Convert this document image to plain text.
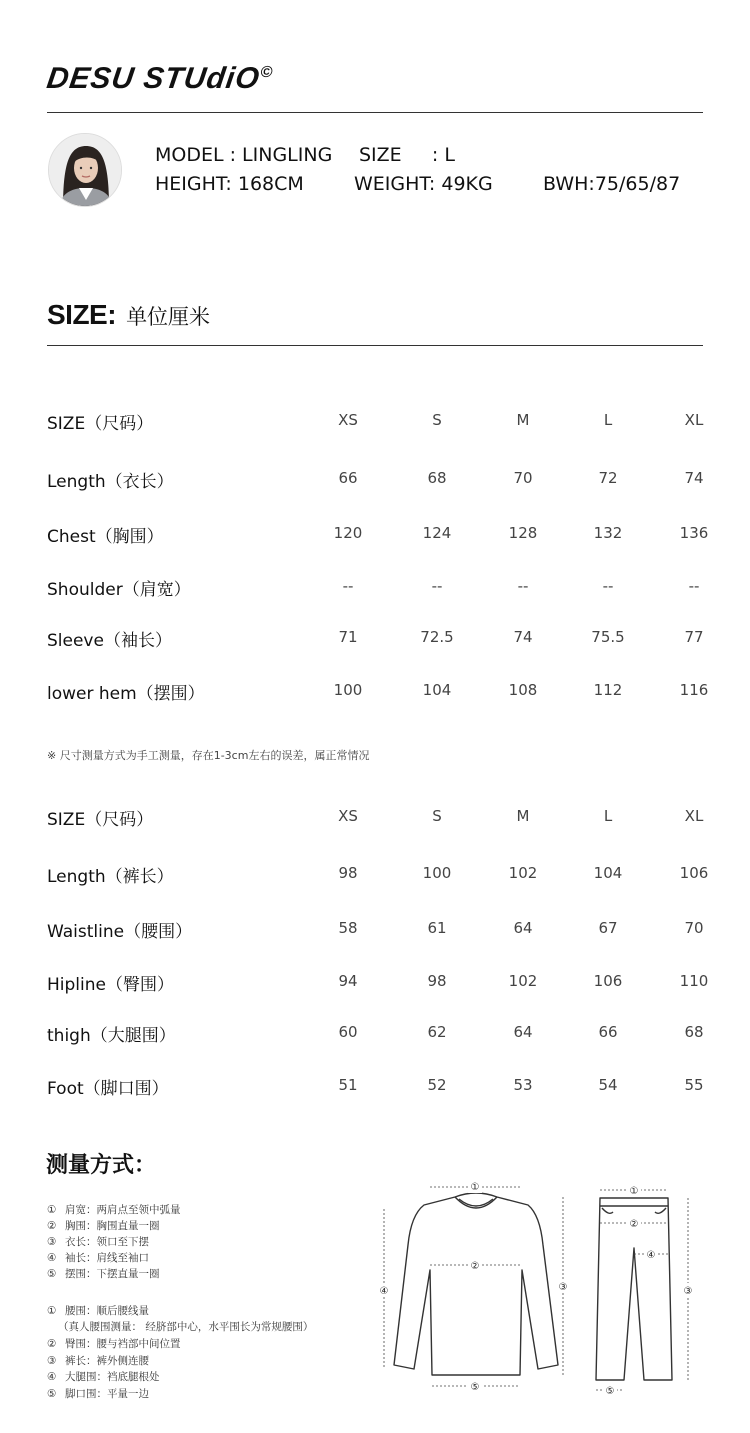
DESU STUdiO©
MODEL : LINGLING SIZE     : L
HEIGHT: 168CM	WEIGHT: 49KG	BWH:75/65/87
SIZE: 单位厘米
SIZE（尺码）	XS	S	M	L	XL
Length（衣长）	66	68	70	72	74
Chest（胸围）	120	124	128	132	136
Shoulder（肩宽）	--	--	--	--	--
Sleeve（袖长）	71	72.5	74	75.5	77
lower hem（摆围）	100	104	108	112	116
※ 尺寸测量方式为手工测量，存在1-3cm左右的误差，属正常情况
SIZE（尺码）	XS	S	M	L	XL
Length（裤长）	98	100	102	104	106
Waistline（腰围）	58	61	64	67	70
Hipline（臀围）	94	98	102	106	110
thigh（大腿围）	60	62	64	66	68
Foot（脚口围）	51	52	53	54	55
测量方式：
① 肩宽：两肩点至领中弧量
② 胸围：胸围直量一圈
③ 衣长：领口至下摆
④ 袖长：肩线至袖口
⑤ 摆围：下摆直量一圈
① 腰围：顺后腰线量
（真人腰围测量： 经脐部中心，水平围长为常规腰围）
② 臀围：腰与裆部中间位置
③ 裤长：裤外侧连腰
④ 大腿围：裆底腿根处
⑤ 脚口围：平量一边
①
②
③
④
⑤
①
②
③
④
⑤
